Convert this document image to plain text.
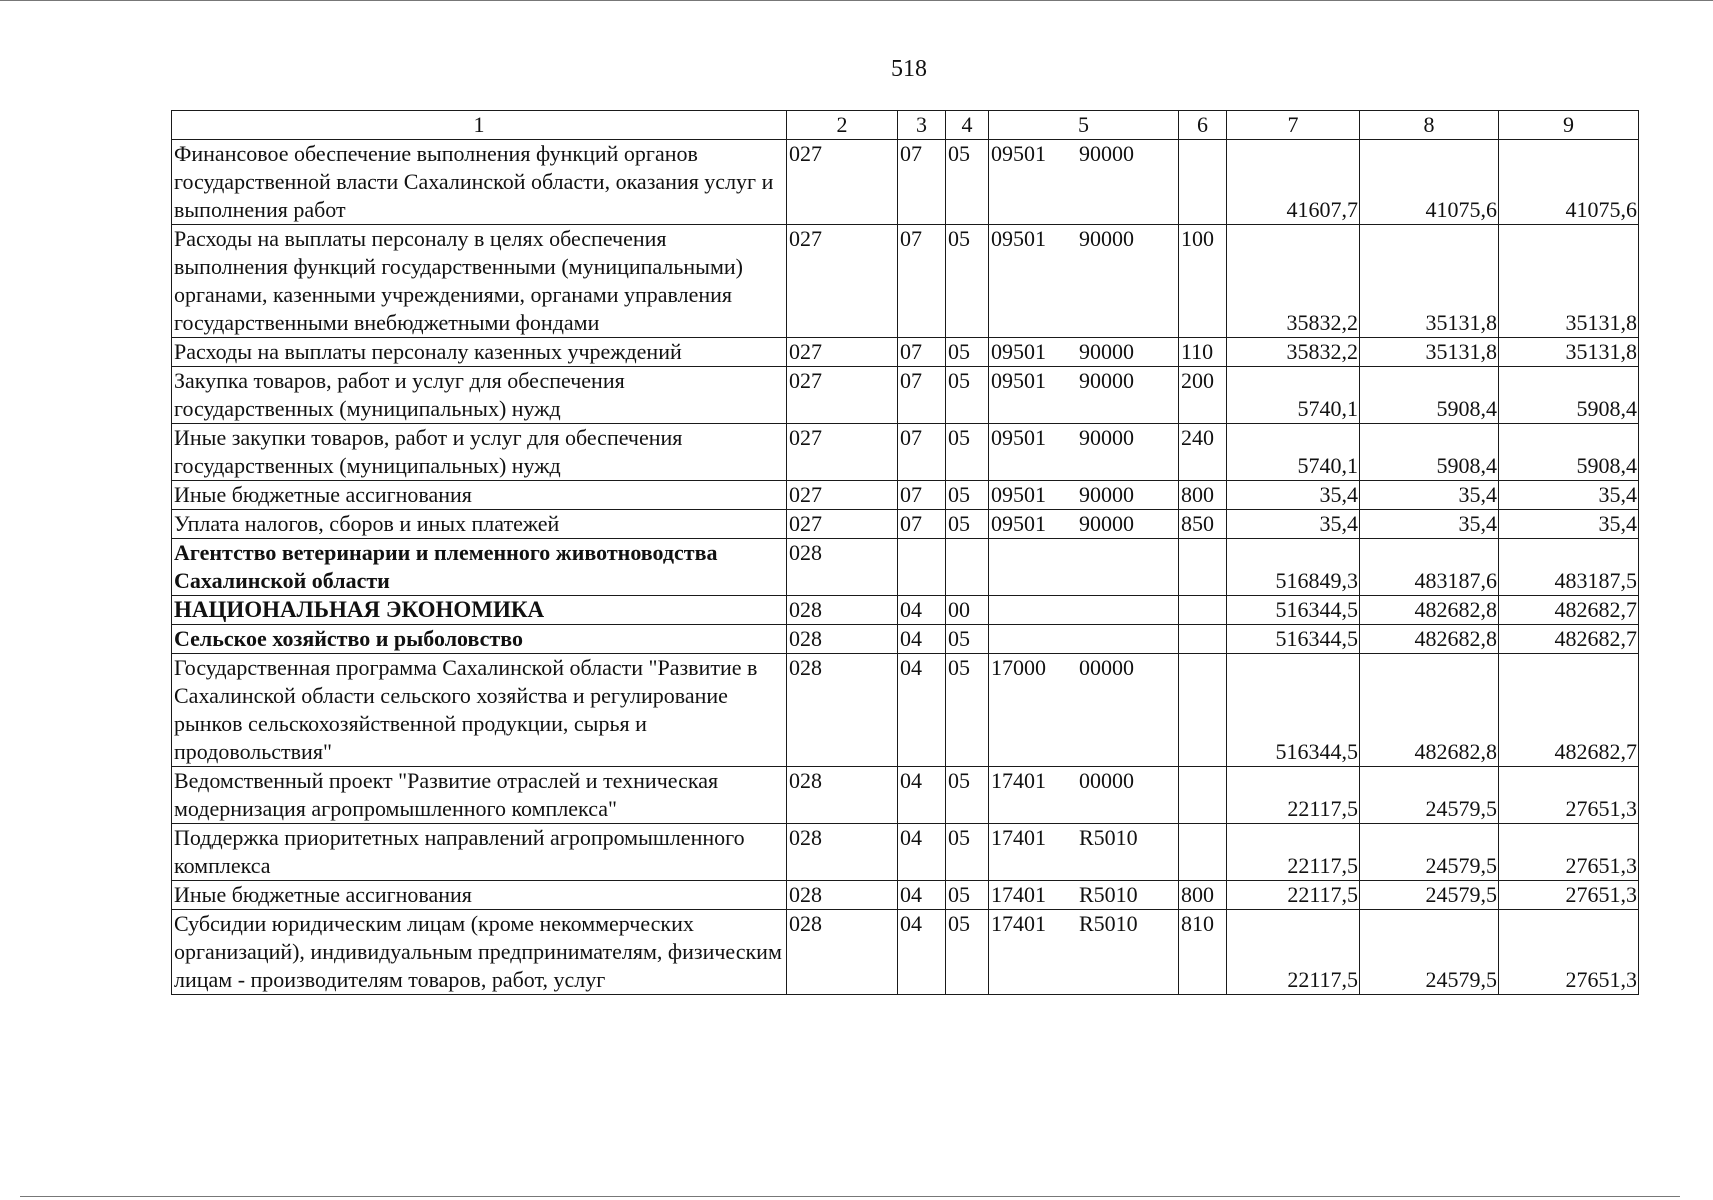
518
1	2	3	4	5	6	7	8	9
Финансовое обеспечение выполнения функций органов государственной власти Сахалинской области, оказания услуг и выполнения работ	027	07	05	09501 90000		41607,7	41075,6	41075,6
Расходы на выплаты персоналу в целях обеспечения выполнения функций государственными (муниципальными) органами, казенными учреждениями, органами управления государственными внебюджетными фондами	027	07	05	09501 90000	100	35832,2	35131,8	35131,8
Расходы на выплаты персоналу казенных учреждений	027	07	05	09501 90000	110	35832,2	35131,8	35131,8
Закупка товаров, работ и услуг для обеспечения государственных (муниципальных) нужд	027	07	05	09501 90000	200	5740,1	5908,4	5908,4
Иные закупки товаров, работ и услуг для обеспечения государственных (муниципальных) нужд	027	07	05	09501 90000	240	5740,1	5908,4	5908,4
Иные бюджетные ассигнования	027	07	05	09501 90000	800	35,4	35,4	35,4
Уплата налогов, сборов и иных платежей	027	07	05	09501 90000	850	35,4	35,4	35,4
Агентство ветеринарии и племенного животноводства Сахалинской области	028					516849,3	483187,6	483187,5
НАЦИОНАЛЬНАЯ ЭКОНОМИКА	028	04	00			516344,5	482682,8	482682,7
Сельское хозяйство и рыболовство	028	04	05			516344,5	482682,8	482682,7
Государственная программа Сахалинской области "Развитие в Сахалинской области сельского хозяйства и регулирование рынков сельскохозяйственной продукции, сырья и продовольствия"	028	04	05	17000 00000		516344,5	482682,8	482682,7
Ведомственный проект "Развитие отраслей и техническая модернизация агропромышленного комплекса"	028	04	05	17401 00000		22117,5	24579,5	27651,3
Поддержка приоритетных направлений агропромышленного комплекса	028	04	05	17401 R5010		22117,5	24579,5	27651,3
Иные бюджетные ассигнования	028	04	05	17401 R5010	800	22117,5	24579,5	27651,3
Субсидии юридическим лицам (кроме некоммерческих организаций), индивидуальным предпринимателям, физическим лицам - производителям товаров, работ, услуг	028	04	05	17401 R5010	810	22117,5	24579,5	27651,3
